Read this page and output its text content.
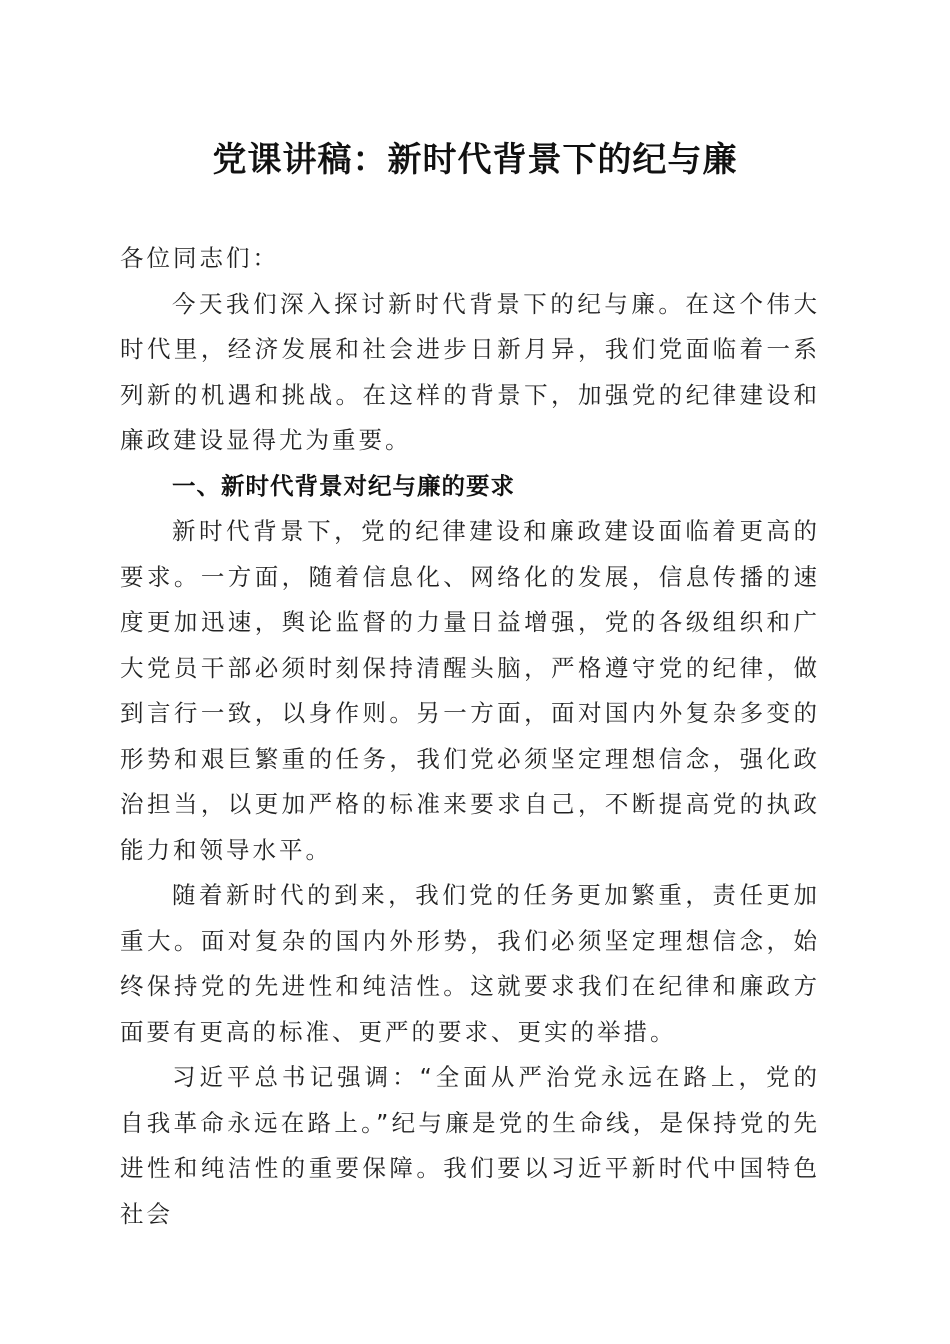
党课讲稿：新时代背景下的纪与廉

各位同志们：

今天我们深入探讨新时代背景下的纪与廉。在这个伟大时代里，经济发展和社会进步日新月异，我们党面临着一系列新的机遇和挑战。在这样的背景下，加强党的纪律建设和廉政建设显得尤为重要。

一、新时代背景对纪与廉的要求

新时代背景下，党的纪律建设和廉政建设面临着更高的要求。一方面，随着信息化、网络化的发展，信息传播的速度更加迅速，舆论监督的力量日益增强，党的各级组织和广大党员干部必须时刻保持清醒头脑，严格遵守党的纪律，做到言行一致，以身作则。另一方面，面对国内外复杂多变的形势和艰巨繁重的任务，我们党必须坚定理想信念，强化政治担当，以更加严格的标准来要求自己，不断提高党的执政能力和领导水平。

随着新时代的到来，我们党的任务更加繁重，责任更加重大。面对复杂的国内外形势，我们必须坚定理想信念，始终保持党的先进性和纯洁性。这就要求我们在纪律和廉政方面要有更高的标准、更严的要求、更实的举措。

习近平总书记强调：“全面从严治党永远在路上，党的自我革命永远在路上。”纪与廉是党的生命线，是保持党的先进性和纯洁性的重要保障。我们要以习近平新时代中国特色社会
